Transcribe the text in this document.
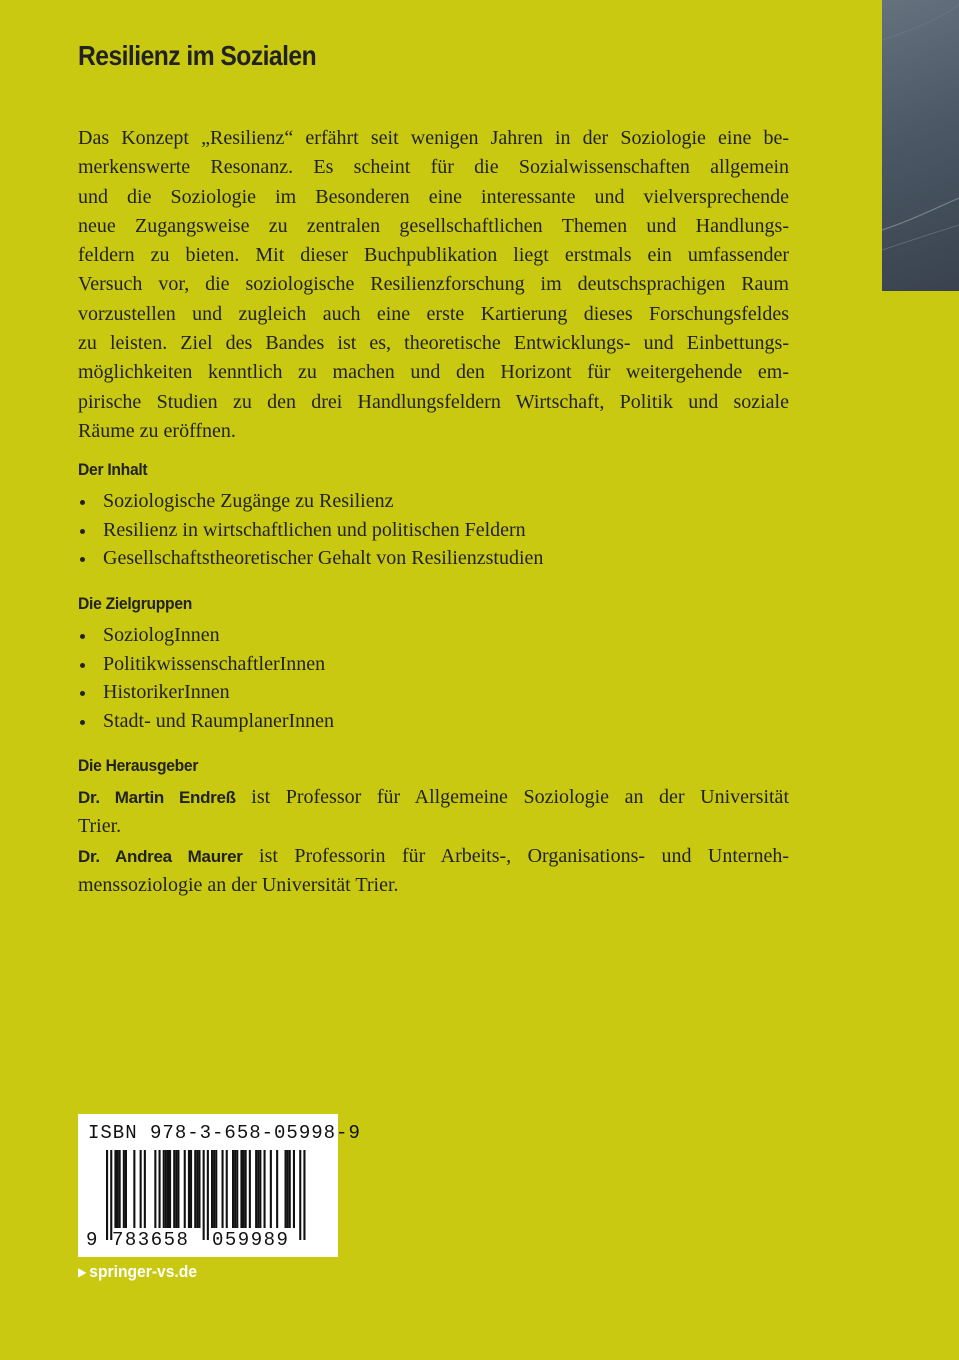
Resilienz im Sozialen
Das Konzept „Resilienz“ erfährt seit wenigen Jahren in der Soziologie eine be-
merkenswerte Resonanz. Es scheint für die Sozialwissenschaften allgemein
und die Soziologie im Besonderen eine interessante und vielversprechende
neue Zugangsweise zu zentralen gesellschaftlichen Themen und Handlungs-
feldern zu bieten. Mit dieser Buchpublikation liegt erstmals ein umfassender
Versuch vor, die soziologische Resilienzforschung im deutschsprachigen Raum
vorzustellen und zugleich auch eine erste Kartierung dieses Forschungsfeldes
zu leisten. Ziel des Bandes ist es, theoretische Entwicklungs- und Einbettungs-
möglichkeiten kenntlich zu machen und den Horizont für weitergehende em-
pirische Studien zu den drei Handlungsfeldern Wirtschaft, Politik und soziale
Räume zu eröffnen.
Der Inhalt
Soziologische Zugänge zu Resilienz
Resilienz in wirtschaftlichen und politischen Feldern
Gesellschaftstheoretischer Gehalt von Resilienzstudien
Die Zielgruppen
SoziologInnen
PolitikwissenschaftlerInnen
HistorikerInnen
Stadt- und RaumplanerInnen
Die Herausgeber
Dr. Martin Endreß ist Professor für Allgemeine Soziologie an der Universität
Trier.
Dr. Andrea Maurer ist Professorin für Arbeits-, Organisations- und Unterneh-
menssoziologie an der Universität Trier.
ISBN 978-3-658-05998-9
9 783658 059989
▶ springer-vs.de
